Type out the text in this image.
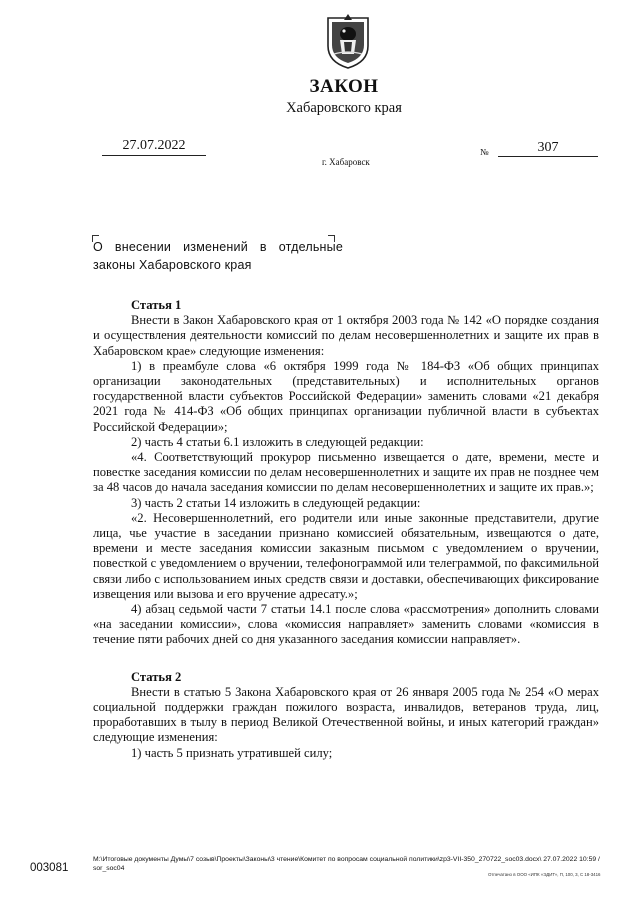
ЗАКОН
Хабаровского края
27.07.2022
г. Хабаровск
№	307
О внесении изменений в отдельные
законы Хабаровского края

Статья 1

Внести в Закон Хабаровского края от 1 октября 2003 года № 142 «О порядке создания и осуществления деятельности комиссий по делам несовершеннолетних и защите их прав в Хабаровском крае» следующие изменения:

1) в преамбуле слова «6 октября 1999 года № 184-ФЗ «Об общих принципах организации законодательных (представительных) и исполнительных органов государственной власти субъектов Российской Федерации» заменить словами «21 декабря 2021 года № 414-ФЗ «Об общих принципах организации публичной власти в субъектах Российской Федерации»;

2) часть 4 статьи 6.1 изложить в следующей редакции:

«4. Соответствующий прокурор письменно извещается о дате, времени, месте и повестке заседания комиссии по делам несовершеннолетних и защите их прав не позднее чем за 48 часов до начала заседания комиссии по делам несовершеннолетних и защите их прав.»;

3) часть 2 статьи 14 изложить в следующей редакции:

«2. Несовершеннолетний, его родители или иные законные представители, другие лица, чье участие в заседании признано комиссией обязательным, извещаются о дате, времени и месте заседания комиссии заказным письмом с уведомлением о вручении, повесткой с уведомлением о вручении, телефонограммой или телеграммой, по факсимильной связи либо с использованием иных средств связи и доставки, обеспечивающих фиксирование извещения или вызова и его вручение адресату.»;

4) абзац седьмой части 7 статьи 14.1 после слова «рассмотрения» дополнить словами «на заседании комиссии», слова «комиссия направляет» заменить словами «комиссия в течение пяти рабочих дней со дня указанного заседания комиссии направляет».

Статья 2

Внести в статью 5 Закона Хабаровского края от 26 января 2005 года № 254 «О мерах социальной поддержки граждан пожилого возраста, инвалидов, ветеранов труда, лиц, проработавших в тылу в период Великой Отечественной войны, и иных категорий граждан» следующие изменения:

1) часть 5 признать утратившей силу;

003081
M:\Итоговые документы Думы\7 созыв\Проекты\Законы\3 чтение\Комитет по вопросам социальной политики\zp3-VII-350_270722_soc03.docx\ 27.07.2022 10:59 / sor_soc04
Отпечатано в ООО «ИПК «ЭДИТ», П, 100, 3, С 18-3416
